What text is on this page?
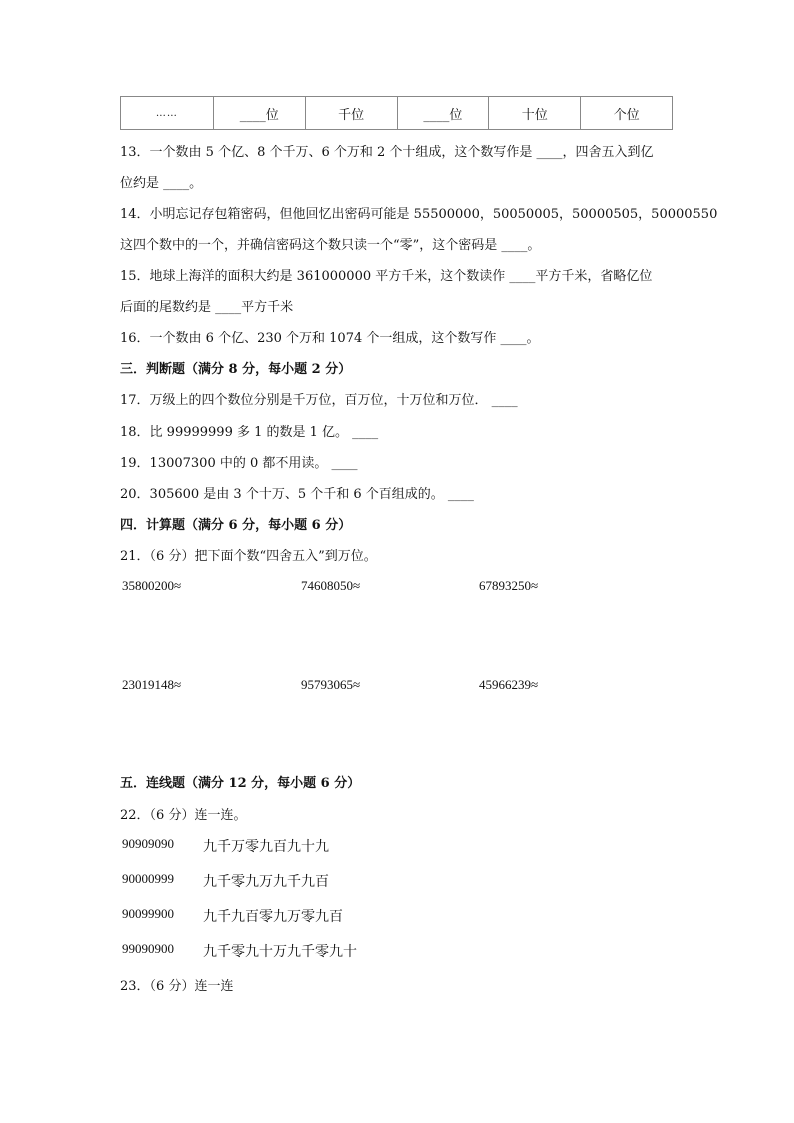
……	____位	千位	____位	十位	个位
13．一个数由 5 个亿、8 个千万、6 个万和 2 个十组成，这个数写作是 ____，四舍五入到亿
位约是 ____。
14．小明忘记存包箱密码，但他回忆出密码可能是 55500000，50050005，50000505，50000550
这四个数中的一个，并确信密码这个数只读一个“零”，这个密码是 ____。
15．地球上海洋的面积大约是 361000000 平方千米，这个数读作 ____平方千米，省略亿位
后面的尾数约是 ____平方千米
16．一个数由 6 个亿、230 个万和 1074 个一组成，这个数写作 ____。
三．判断题（满分 8 分，每小题 2 分）
17．万级上的四个数位分别是千万位，百万位，十万位和万位． ____
18．比 99999999 多 1 的数是 1 亿。 ____
19．13007300 中的 0 都不用读。 ____
20．305600 是由 3 个十万、5 个千和 6 个百组成的。 ____
四．计算题（满分 6 分，每小题 6 分）
21．（6 分）把下面个数“四舍五入”到万位。
35800200≈	74608050≈	67893250≈
23019148≈	95793065≈	45966239≈
五．连线题（满分 12 分，每小题 6 分）
22．（6 分）连一连。
90909090 九千万零九百九十九
90000999 九千零九万九千九百
90099900 九千九百零九万零九百
99090900 九千零九十万九千零九十
23．（6 分）连一连
